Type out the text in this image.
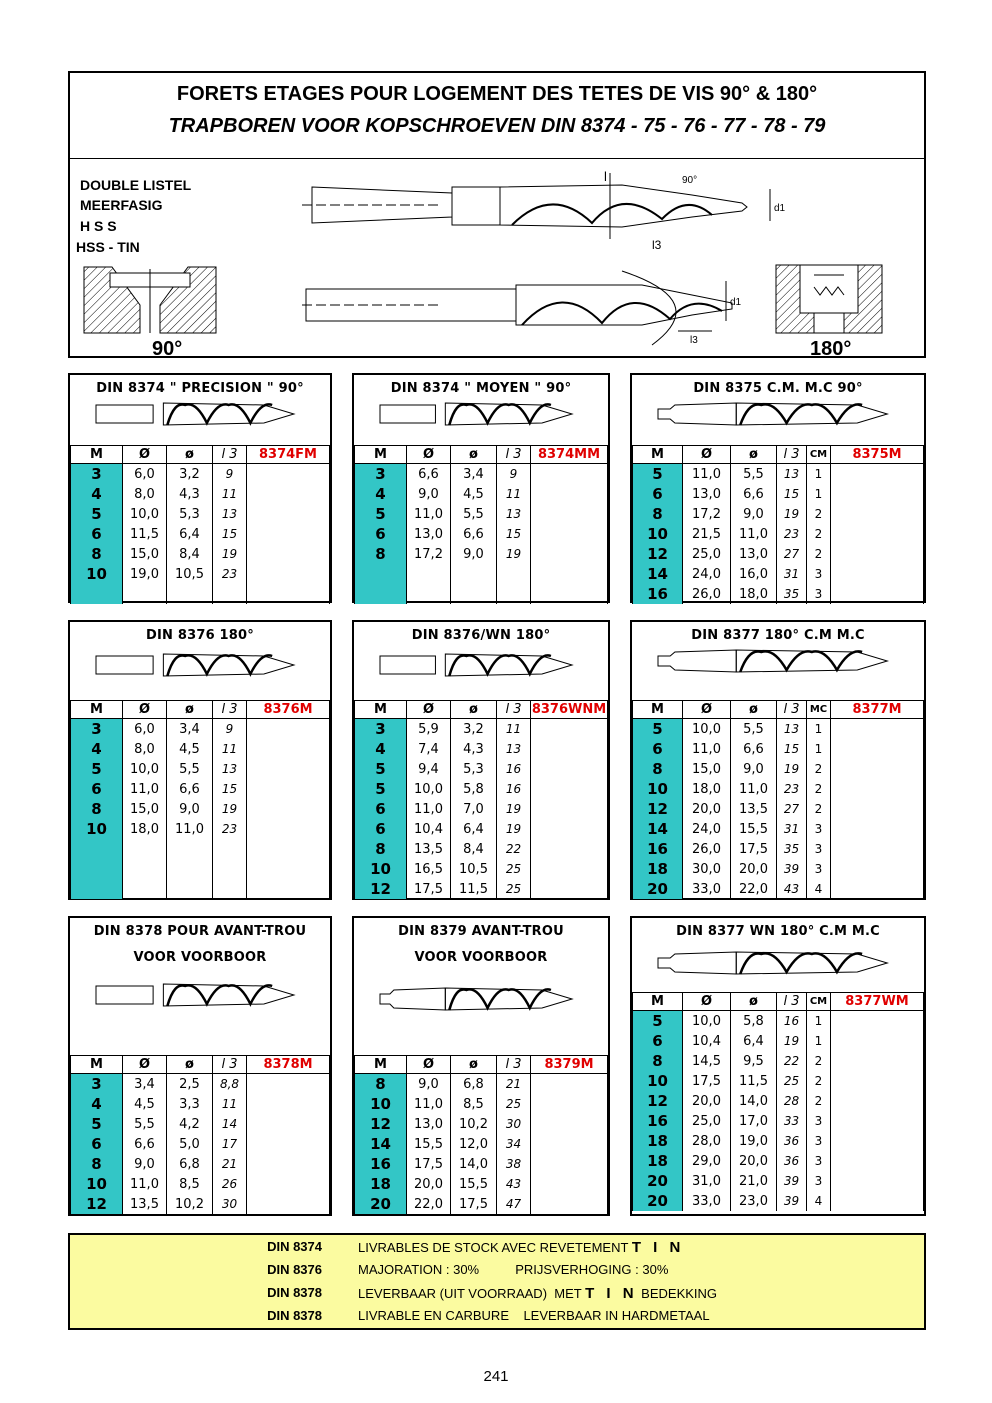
FORETS ETAGES POUR LOGEMENT DES TETES DE VIS 90° & 180°
TRAPBOREN VOOR KOPSCHROEVEN DIN 8374 - 75 - 76 - 77 - 78 - 79
DOUBLE LISTEL
MEERFASIG
H S S
HSS - TIN
90°	180°
l
l3
d1
90°
l3
d1
DIN 8374 " PRECISION " 90°
M	Ø	ø	l 3	8374FM
3	6,0	3,2	9	
4	8,0	4,3	11	
5	10,0	5,3	13	
6	11,5	6,4	15	
8	15,0	8,4	19	
10	19,0	10,5	23	

DIN 8374 " MOYEN " 90°
M	Ø	ø	l 3	8374MM
3	6,6	3,4	9	
4	9,0	4,5	11	
5	11,0	5,5	13	
6	13,0	6,6	15	
8	17,2	9,0	19	

DIN 8375 C.M. M.C 90°
M	Ø	ø	l 3	CM	8375M
5	11,0	5,5	13	1	
6	13,0	6,6	15	1	
8	17,2	9,0	19	2	
10	21,5	11,0	23	2	
12	25,0	13,0	27	2	
14	24,0	16,0	31	3	
16	26,0	18,0	35	3	
DIN 8376 180°
M	Ø	ø	l 3	8376M
3	6,0	3,4	9	
4	8,0	4,5	11	
5	10,0	5,5	13	
6	11,0	6,6	15	
8	15,0	9,0	19	
10	18,0	11,0	23	

DIN 8376/WN 180°
M	Ø	ø	l 3	8376WNM
3	5,9	3,2	11	
4	7,4	4,3	13	
5	9,4	5,3	16	
5	10,0	5,8	16	
6	11,0	7,0	19	
6	10,4	6,4	19	
8	13,5	8,4	22	
10	16,5	10,5	25	
12	17,5	11,5	25	
DIN 8377 180° C.M M.C
M	Ø	ø	l 3	MC	8377M
5	10,0	5,5	13	1	
6	11,0	6,6	15	1	
8	15,0	9,0	19	2	
10	18,0	11,0	23	2	
12	20,0	13,5	27	2	
14	24,0	15,5	31	3	
16	26,0	17,5	35	3	
18	30,0	20,0	39	3	
20	33,0	22,0	43	4	
DIN 8378 POUR AVANT-TROU
VOOR VOORBOOR
M	Ø	ø	l 3	8378M
3	3,4	2,5	8,8	
4	4,5	3,3	11	
5	5,5	4,2	14	
6	6,6	5,0	17	
8	9,0	6,8	21	
10	11,0	8,5	26	
12	13,5	10,2	30	
DIN 8379 AVANT-TROU
VOOR VOORBOOR
M	Ø	ø	l 3	8379M
8	9,0	6,8	21	
10	11,0	8,5	25	
12	13,0	10,2	30	
14	15,5	12,0	34	
16	17,5	14,0	38	
18	20,0	15,5	43	
20	22,0	17,5	47	
DIN 8377 WN 180° C.M M.C
M	Ø	ø	l 3	CM	8377WM
5	10,0	5,8	16	1	
6	10,4	6,4	19	1	
8	14,5	9,5	22	2	
10	17,5	11,5	25	2	
12	20,0	14,0	28	2	
16	25,0	17,0	33	3	
18	28,0	19,0	36	3	
18	29,0	20,0	36	3	
20	31,0	21,0	39	3	
20	33,0	23,0	39	4	
DIN 8374	LIVRABLES DE STOCK AVEC REVETEMENT T I N
DIN 8376	MAJORATION : 30%          PRIJSVERHOGING : 30%
DIN 8378	LEVERBAAR (UIT VOORRAAD)  MET T I N BEDEKKING
DIN 8378	LIVRABLE EN CARBURE    LEVERBAAR IN HARDMETAAL
241
